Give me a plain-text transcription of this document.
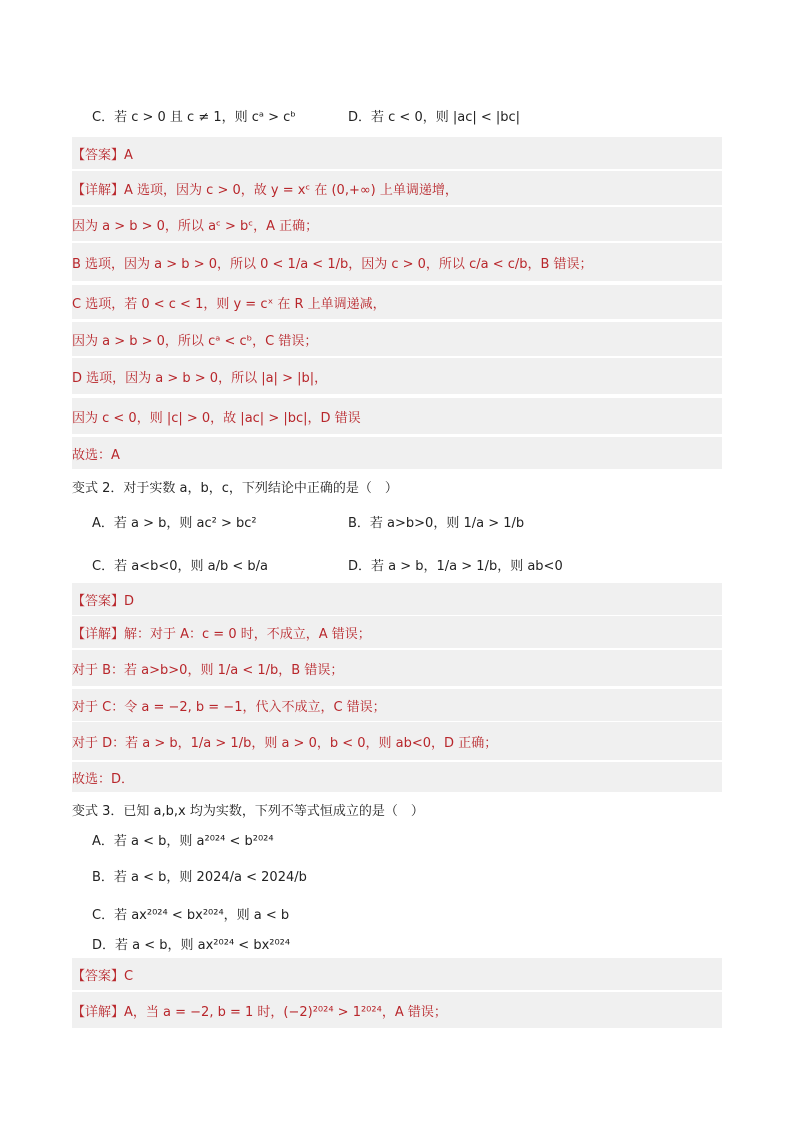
C．若 c > 0 且 c ≠ 1，则 cᵃ > cᵇ	D．若 c < 0，则 |ac| < |bc|
【答案】A
【详解】A 选项，因为 c > 0，故 y = xᶜ 在 (0,+∞) 上单调递增，
因为 a > b > 0，所以 aᶜ > bᶜ，A 正确；
B 选项，因为 a > b > 0，所以 0 < 1/a < 1/b，因为 c > 0，所以 c/a < c/b，B 错误；
C 选项，若 0 < c < 1，则 y = cˣ 在 R 上单调递减，
因为 a > b > 0，所以 cᵃ < cᵇ，C 错误；
D 选项，因为 a > b > 0，所以 |a| > |b|，
因为 c < 0，则 |c| > 0，故 |ac| > |bc|，D 错误
故选：A
变式 2．对于实数 a，b，c，下列结论中正确的是（　）
A．若 a > b，则 ac² > bc²	B．若 a>b>0，则 1/a > 1/b
C．若 a<b<0，则 a/b < b/a	D．若 a > b，1/a > 1/b，则 ab<0
【答案】D
【详解】解：对于 A：c = 0 时，不成立，A 错误；
对于 B：若 a>b>0，则 1/a < 1/b，B 错误；
对于 C：令 a = −2, b = −1，代入不成立，C 错误；
对于 D：若 a > b，1/a > 1/b，则 a > 0，b < 0，则 ab<0，D 正确；
故选：D．
变式 3．已知 a,b,x 均为实数，下列不等式恒成立的是（　）
A．若 a < b，则 a²⁰²⁴ < b²⁰²⁴
B．若 a < b，则 2024/a < 2024/b
C．若 ax²⁰²⁴ < bx²⁰²⁴，则 a < b
D．若 a < b，则 ax²⁰²⁴ < bx²⁰²⁴
【答案】C
【详解】A，当 a = −2, b = 1 时，(−2)²⁰²⁴ > 1²⁰²⁴，A 错误；
